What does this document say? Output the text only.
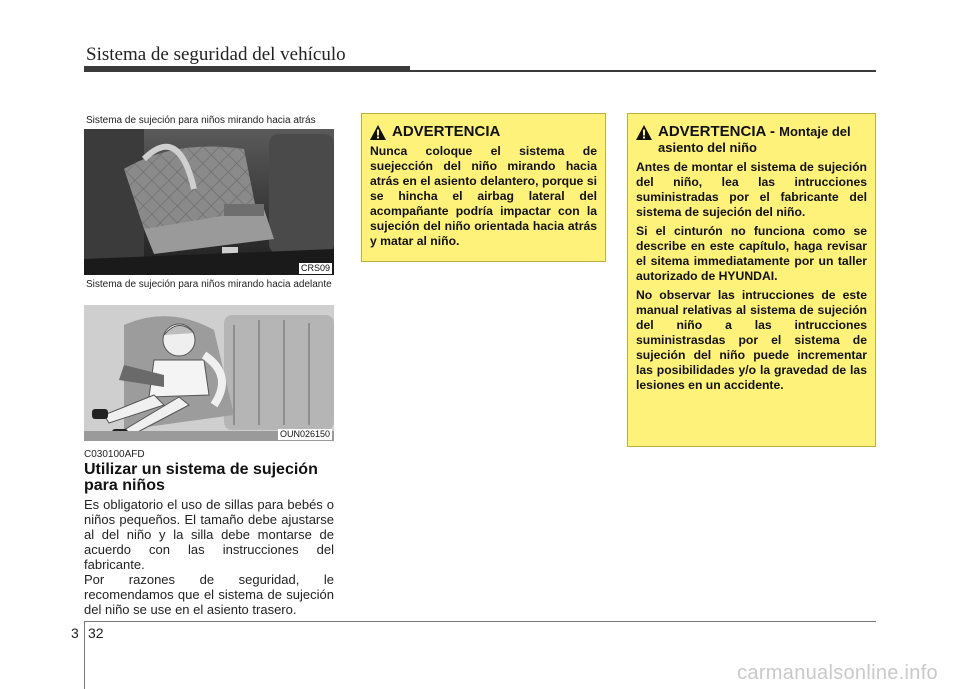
Sistema de seguridad del vehículo
Sistema de sujeción para niños mirando hacia atrás
CRS09
Sistema de sujeción para niños mirando hacia adelante
OUN026150
C030100AFD
Utilizar un sistema de sujeción para niños

Es obligatorio el uso de sillas para bebés o niños pequeños. El tamaño debe ajustarse al del niño y la silla debe montarse de acuerdo con las instrucciones del fabricante.

Por razones de seguridad, le recomendamos que el sistema de sujeción del niño se use en el asiento trasero.

ADVERTENCIA

Nunca coloque el sistema de suejección del niño mirando hacia atrás en el asiento delantero, porque si se hincha el airbag lateral del acompañante podría impactar con la sujeción del niño orientada hacia atrás y matar al niño.

ADVERTENCIA - Montaje del asiento del niño

Antes de montar el sistema de sujeción del niño, lea las intrucciones suministradas por el fabricante del sistema de sujeción del niño.

Si el cinturón no funciona como se describe en este capítulo, haga revisar el sitema immediatamente por un taller autorizado de HYUNDAI.

No observar las intrucciones de este manual relativas al sistema de sujeción del niño a las intrucciones suministrasdas por el sistema de sujeción del niño puede incrementar las posibilidades y/o la gravedad de las lesiones en un accidente.

3 32
carmanualsonline.info
